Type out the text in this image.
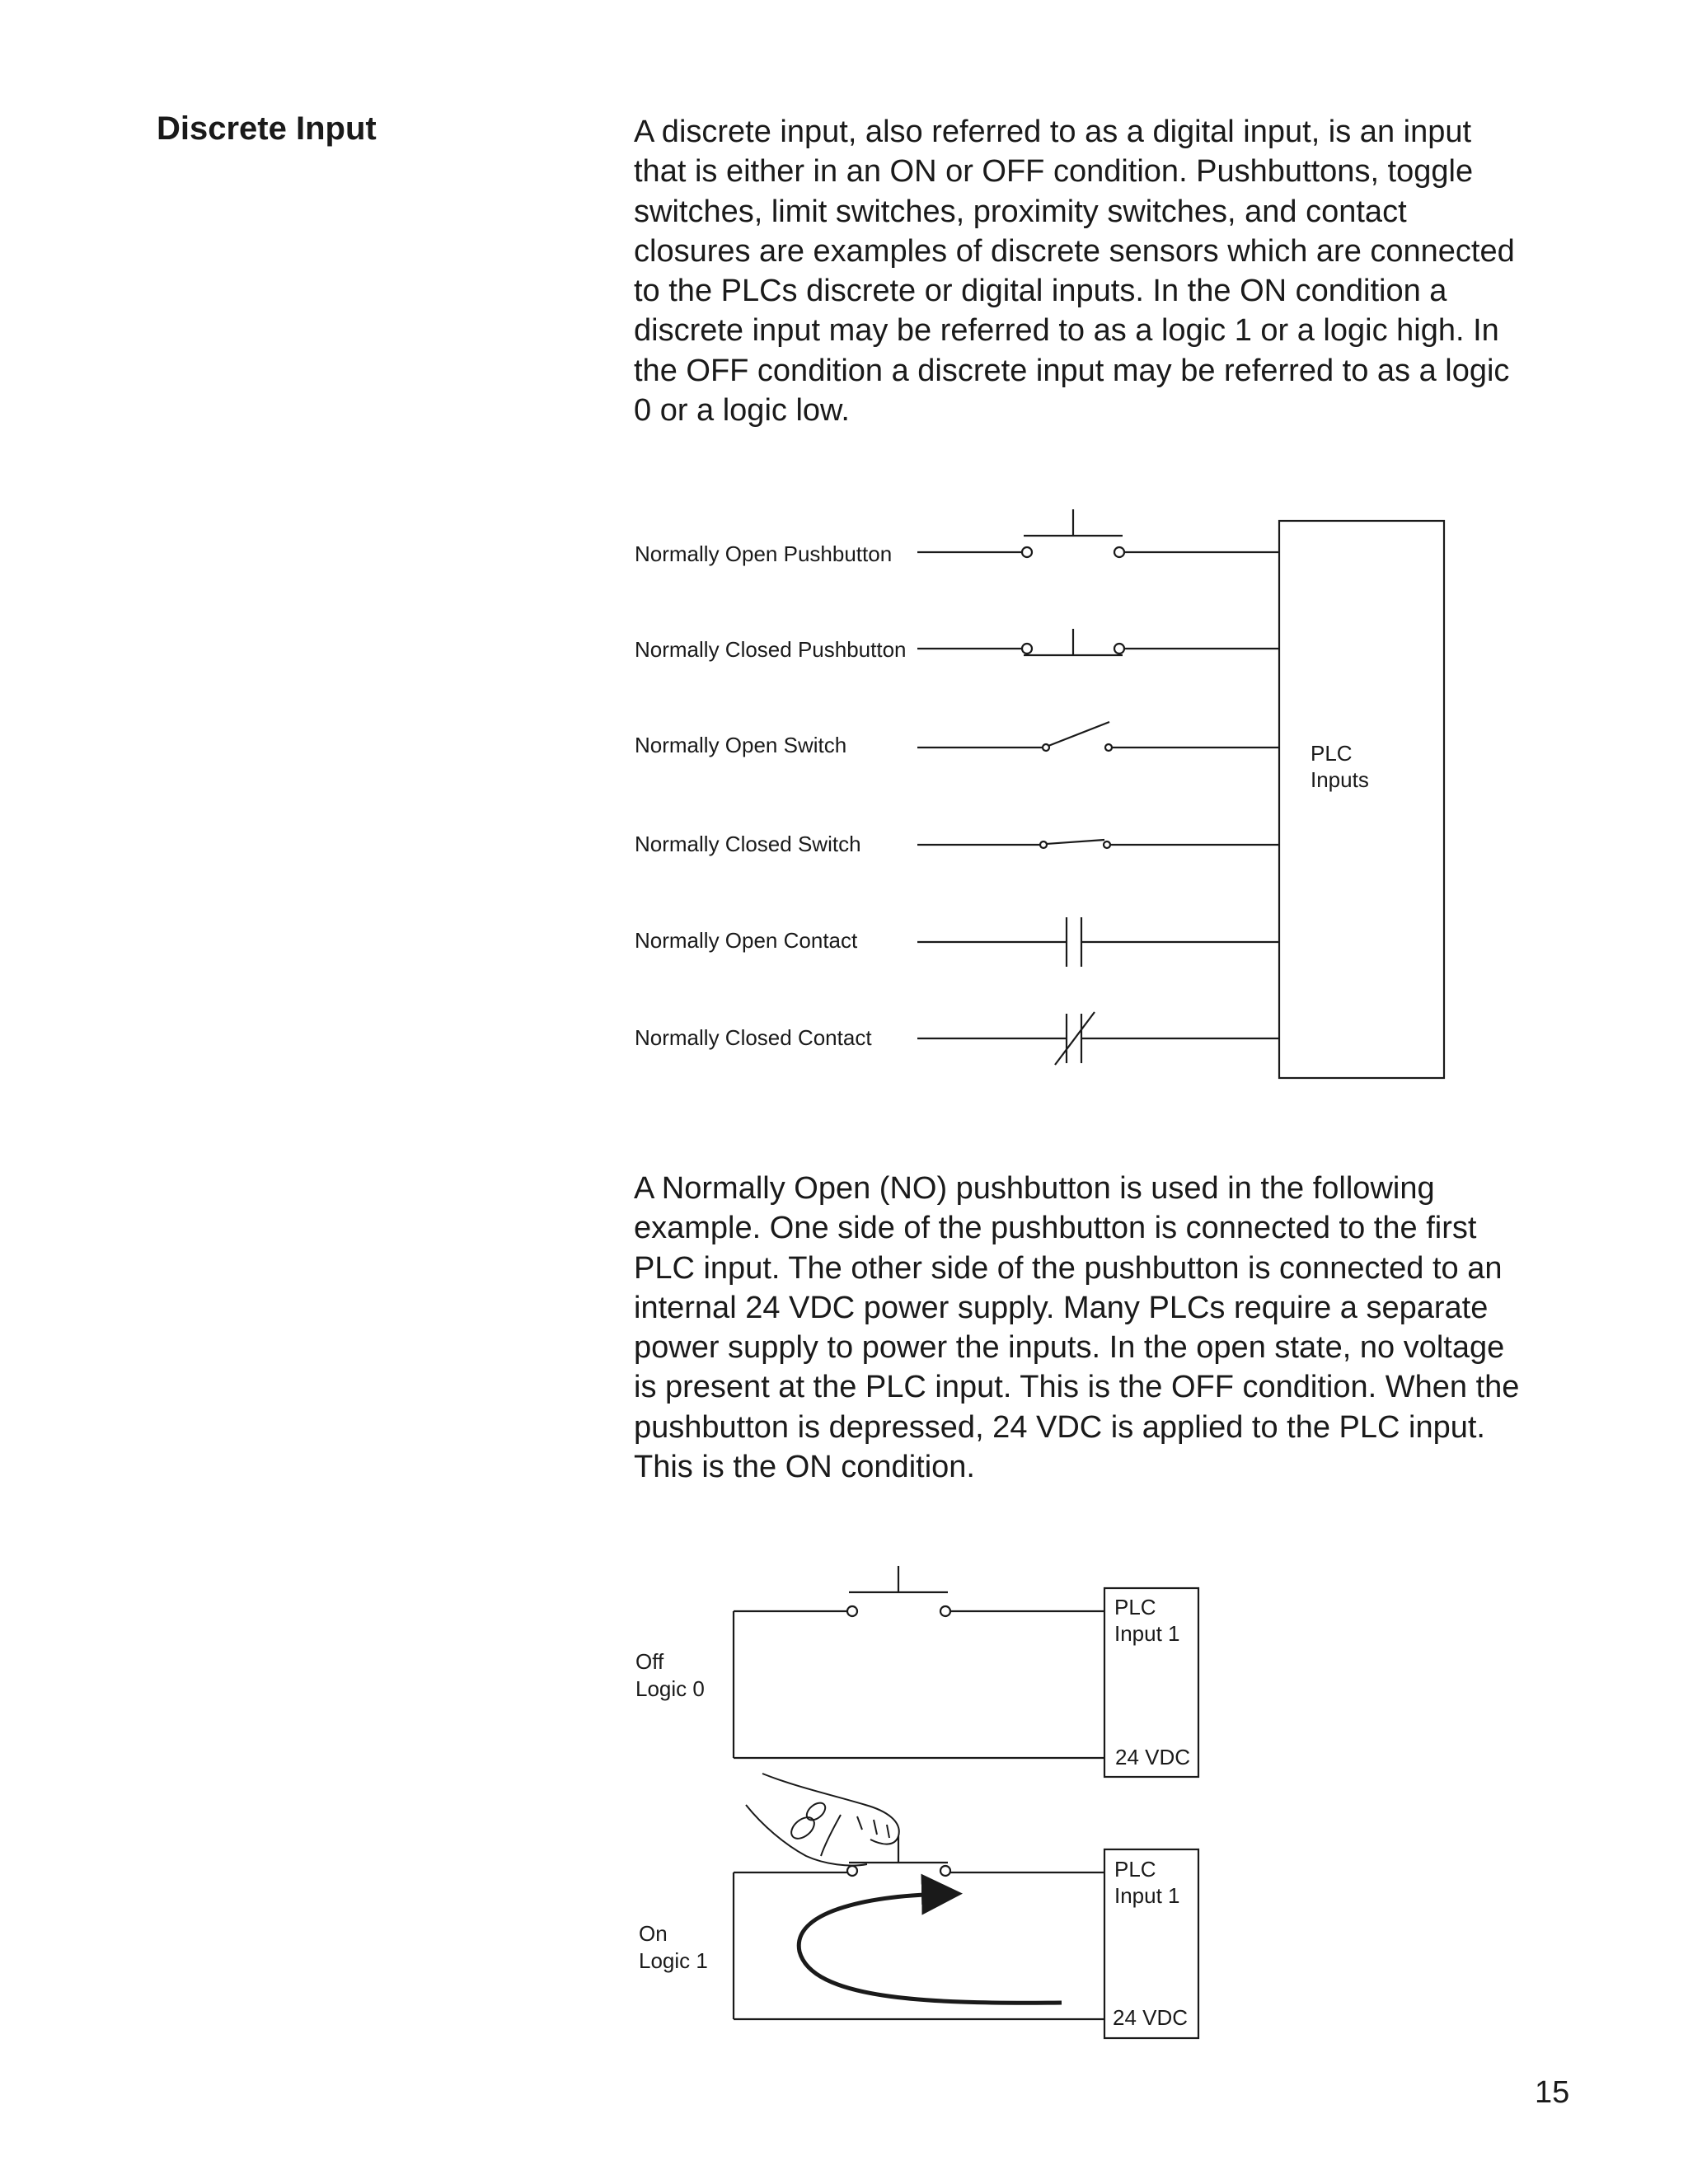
Discrete Input	A discrete input, also referred to as a digital input, is an input
that is either in an ON or OFF condition. Pushbuttons, toggle
switches, limit switches, proximity switches, and contact
closures are examples of discrete sensors which are connected
to the PLCs discrete or digital inputs. In the ON condition a
discrete input may be referred to as a logic 1 or a logic high. In
the OFF condition a discrete input may be referred to as a logic
0 or a logic low.

Normally Open Pushbutton
Normally Closed Pushbutton
Normally Open Switch
Normally Closed Switch
Normally Open Contact
Normally Closed Contact
PLC
Inputs

A Normally Open (NO) pushbutton is used in the following
example. One side of the pushbutton is connected to the first
PLC input. The other side of the pushbutton is connected to an
internal 24 VDC power supply. Many PLCs require a separate
power supply to power the inputs. In the open state, no voltage
is present at the PLC input. This is the OFF condition. When the
pushbutton is depressed, 24 VDC is applied to the PLC input.
This is the ON condition.

Off
Logic 0
PLC
Input 1
24 VDC
On
Logic 1
PLC
Input 1
24 VDC

15
